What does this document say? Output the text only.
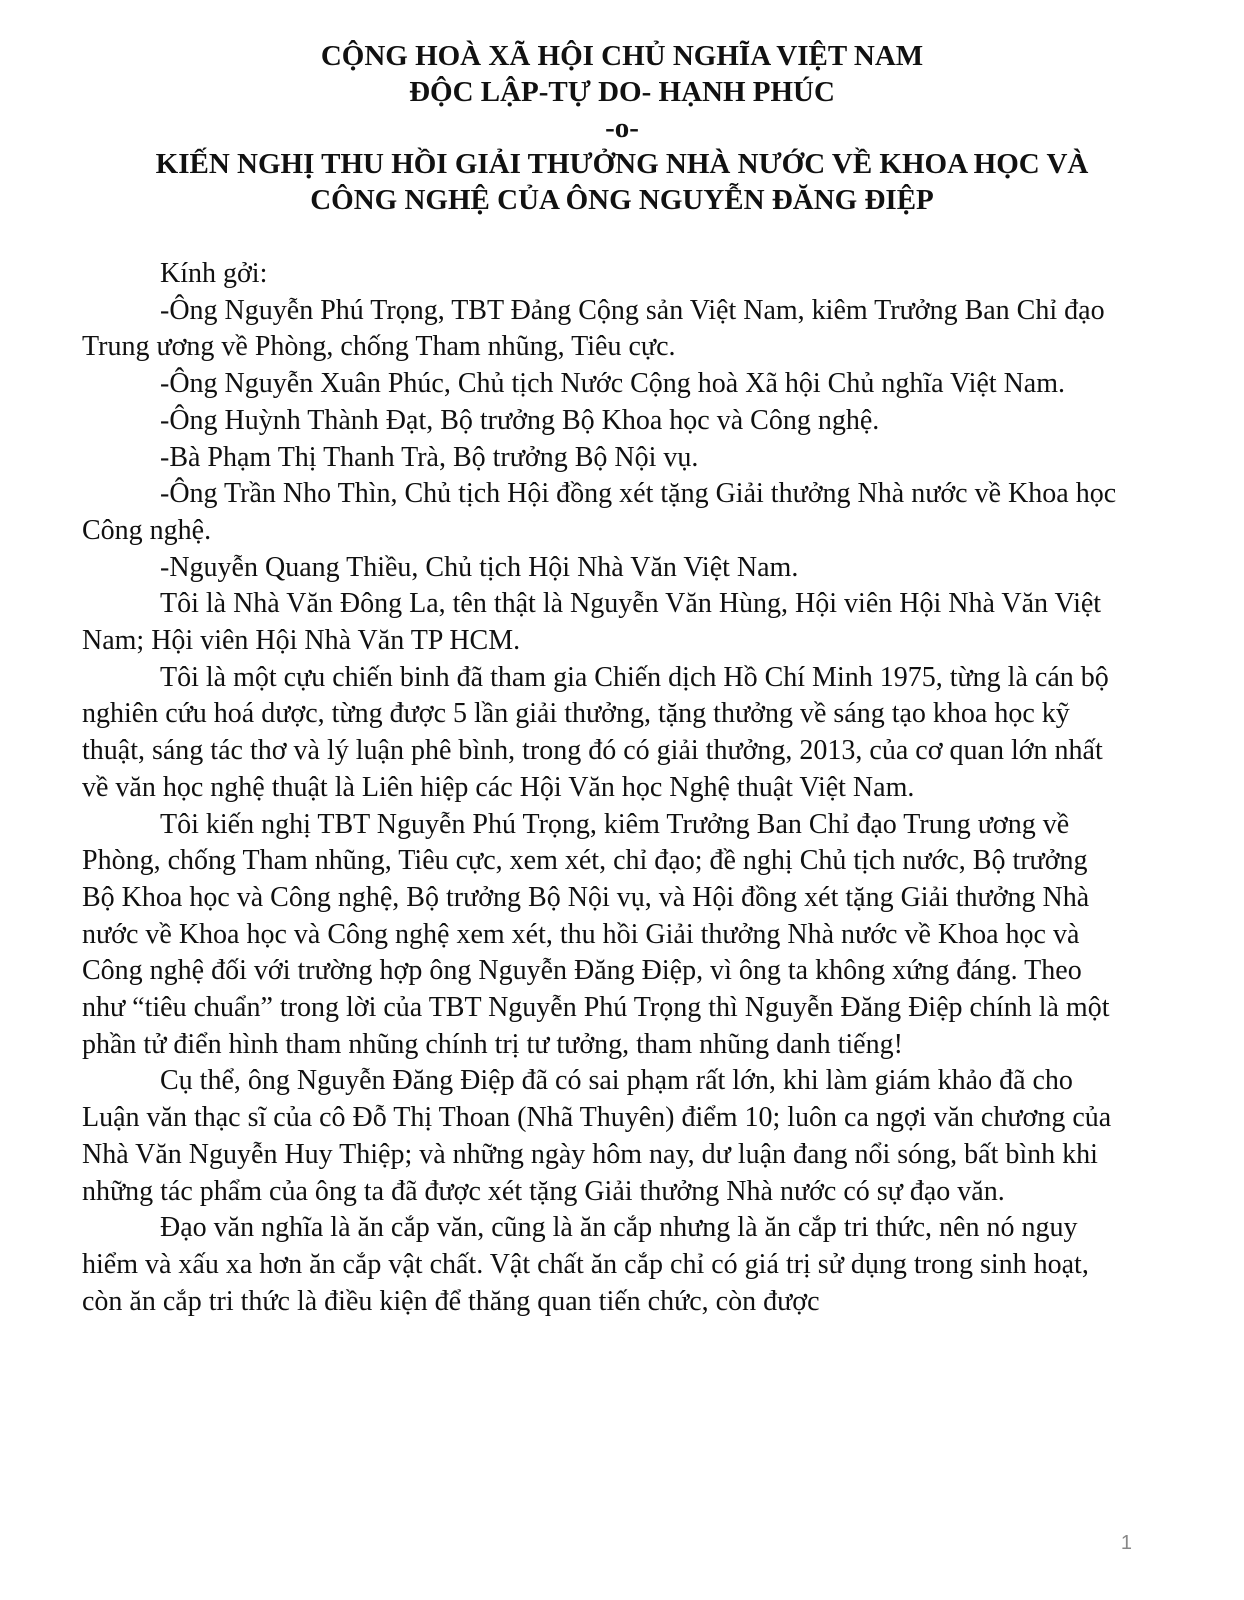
CỘNG HOÀ XÃ HỘI CHỦ NGHĨA VIỆT NAM
ĐỘC LẬP-TỰ DO- HẠNH PHÚC
-o-
KIẾN NGHỊ THU HỒI GIẢI THƯỞNG NHÀ NƯỚC VỀ KHOA HỌC VÀ
CÔNG NGHỆ CỦA ÔNG NGUYỄN ĐĂNG ĐIỆP

Kính gởi:

-Ông Nguyễn Phú Trọng, TBT Đảng Cộng sản Việt Nam, kiêm Trưởng Ban Chỉ đạo Trung ương về Phòng, chống Tham nhũng, Tiêu cực.

-Ông Nguyễn Xuân Phúc, Chủ tịch Nước Cộng hoà Xã hội Chủ nghĩa Việt Nam.

-Ông Huỳnh Thành Đạt, Bộ trưởng Bộ Khoa học và Công nghệ.

-Bà Phạm Thị Thanh Trà, Bộ trưởng Bộ Nội vụ.

-Ông Trần Nho Thìn, Chủ tịch Hội đồng xét tặng Giải thưởng Nhà nước về Khoa học Công nghệ.

-Nguyễn Quang Thiều, Chủ tịch Hội Nhà Văn Việt Nam.

Tôi là Nhà Văn Đông La, tên thật là Nguyễn Văn Hùng, Hội viên Hội Nhà Văn Việt Nam; Hội viên Hội Nhà Văn TP HCM.

Tôi là một cựu chiến binh đã tham gia Chiến dịch Hồ Chí Minh 1975, từng là cán bộ nghiên cứu hoá dược, từng được 5 lần giải thưởng, tặng thưởng về sáng tạo khoa học kỹ thuật, sáng tác thơ và lý luận phê bình, trong đó có giải thưởng, 2013, của cơ quan lớn nhất về văn học nghệ thuật là Liên hiệp các Hội Văn học Nghệ thuật Việt Nam.

Tôi kiến nghị TBT Nguyễn Phú Trọng, kiêm Trưởng Ban Chỉ đạo Trung ương về Phòng, chống Tham nhũng, Tiêu cực, xem xét, chỉ đạo; đề nghị Chủ tịch nước, Bộ trưởng Bộ Khoa học và Công nghệ, Bộ trưởng Bộ Nội vụ, và Hội đồng xét tặng Giải thưởng Nhà nước về Khoa học và Công nghệ xem xét, thu hồi Giải thưởng Nhà nước về Khoa học và Công nghệ đối với trường hợp ông Nguyễn Đăng Điệp, vì ông ta không xứng đáng. Theo như “tiêu chuẩn” trong lời của TBT Nguyễn Phú Trọng thì Nguyễn Đăng Điệp chính là một phần tử điển hình tham nhũng chính trị tư tưởng, tham nhũng danh tiếng!

Cụ thể, ông Nguyễn Đăng Điệp đã có sai phạm rất lớn, khi làm giám khảo đã cho Luận văn thạc sĩ của cô Đỗ Thị Thoan (Nhã Thuyên) điểm 10; luôn ca ngợi văn chương của Nhà Văn Nguyễn Huy Thiệp; và những ngày hôm nay, dư luận đang nổi sóng, bất bình khi những tác phẩm của ông ta đã được xét tặng Giải thưởng Nhà nước có sự đạo văn.

Đạo văn nghĩa là ăn cắp văn, cũng là ăn cắp nhưng là ăn cắp tri thức, nên nó nguy hiểm và xấu xa hơn ăn cắp vật chất. Vật chất ăn cắp chỉ có giá trị sử dụng trong sinh hoạt, còn ăn cắp tri thức là điều kiện để thăng quan tiến chức, còn được

1
